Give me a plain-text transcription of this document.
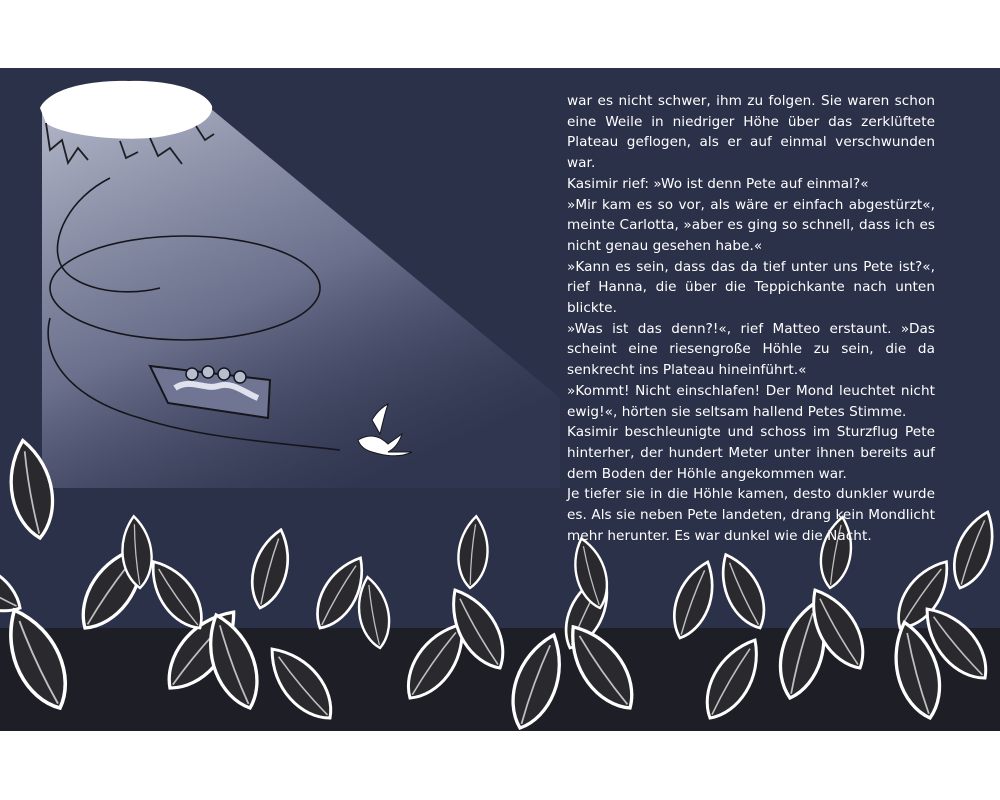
war es nicht schwer, ihm zu folgen. Sie waren schon eine Weile in niedriger Höhe über das zerklüftete Plateau geflogen, als er auf einmal verschwunden war.

Kasimir rief: »Wo ist denn Pete auf einmal?«

»Mir kam es so vor, als wäre er einfach abgestürzt«, meinte Carlotta, »aber es ging so schnell, dass ich es nicht genau gesehen habe.«

»Kann es sein, dass das da tief unter uns Pete ist?«, rief Hanna, die über die Teppichkante nach unten blickte.

»Was ist das denn?!«, rief Matteo erstaunt. »Das scheint eine riesengroße Höhle zu sein, die da senkrecht ins Plateau hineinführt.«

»Kommt! Nicht einschlafen! Der Mond leuchtet nicht ewig!«, hörten sie seltsam hallend Petes Stimme.

Kasimir beschleunigte und schoss im Sturzflug Pete hinterher, der hundert Meter unter ihnen bereits auf dem Boden der Höhle angekommen war.

Je tiefer sie in die Höhle kamen, desto dunkler wurde es. Als sie neben Pete landeten, drang kein Mondlicht mehr herunter. Es war dunkel wie die Nacht.
